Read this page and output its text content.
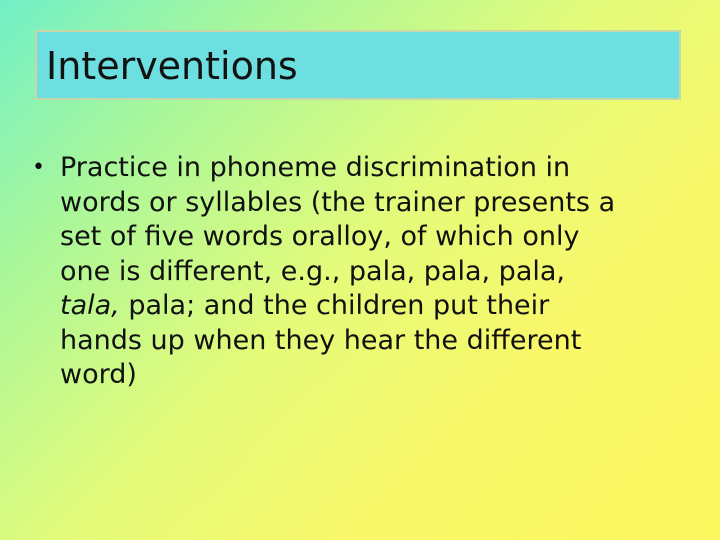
Interventions
• Practice in phoneme discrimination in
words or syllables (the trainer presents a
set of five words oralloy, of which only
one is different, e.g., pala, pala, pala,
tala, pala; and the children put their
hands up when they hear the different
word)
